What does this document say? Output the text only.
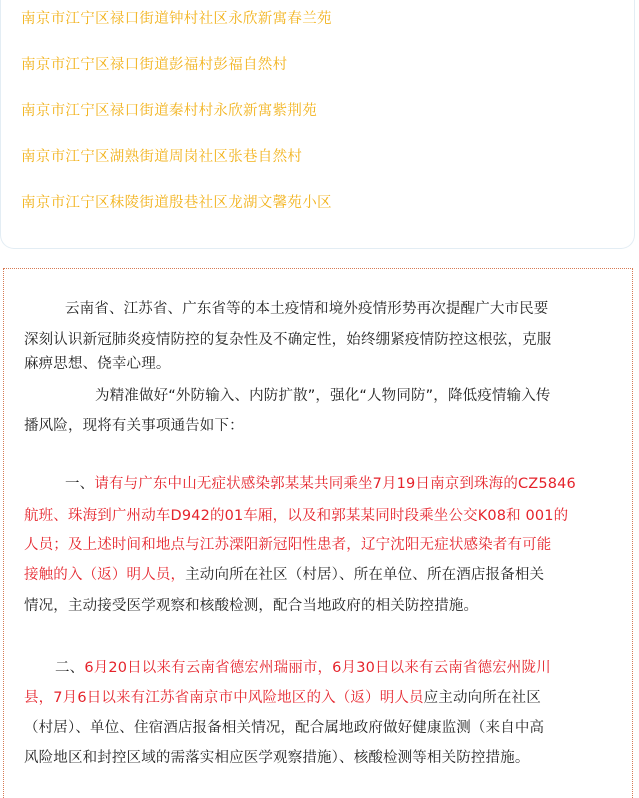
南京市江宁区禄口街道钟村社区永欣新寓春兰苑
南京市江宁区禄口街道彭福村彭福自然村
南京市江宁区禄口街道秦村村永欣新寓紫荆苑
南京市江宁区湖熟街道周岗社区张巷自然村
南京市江宁区秣陵街道殷巷社区龙湖文馨苑小区
云南省、江苏省、广东省等的本土疫情和境外疫情形势再次提醒广大市民要
深刻认识新冠肺炎疫情防控的复杂性及不确定性，始终绷紧疫情防控这根弦，克服
麻痹思想、侥幸心理。
为精准做好“外防输入、内防扩散”，强化“人物同防”，降低疫情输入传
播风险，现将有关事项通告如下：
一、请有与广东中山无症状感染郭某某共同乘坐7月19日南京到珠海的CZ5846
航班、珠海到广州动车D942的01车厢，以及和郭某某同时段乘坐公交K08和 001的
人员；及上述时间和地点与江苏溧阳新冠阳性患者，辽宁沈阳无症状感染者有可能
接触的入（返）明人员，主动向所在社区（村居）、所在单位、所在酒店报备相关
情况，主动接受医学观察和核酸检测，配合当地政府的相关防控措施。
二、6月20日以来有云南省德宏州瑞丽市，6月30日以来有云南省德宏州陇川
县，7月6日以来有江苏省南京市中风险地区的入（返）明人员应主动向所在社区
（村居）、单位、住宿酒店报备相关情况，配合属地政府做好健康监测（来自中高
风险地区和封控区域的需落实相应医学观察措施）、核酸检测等相关防控措施。
